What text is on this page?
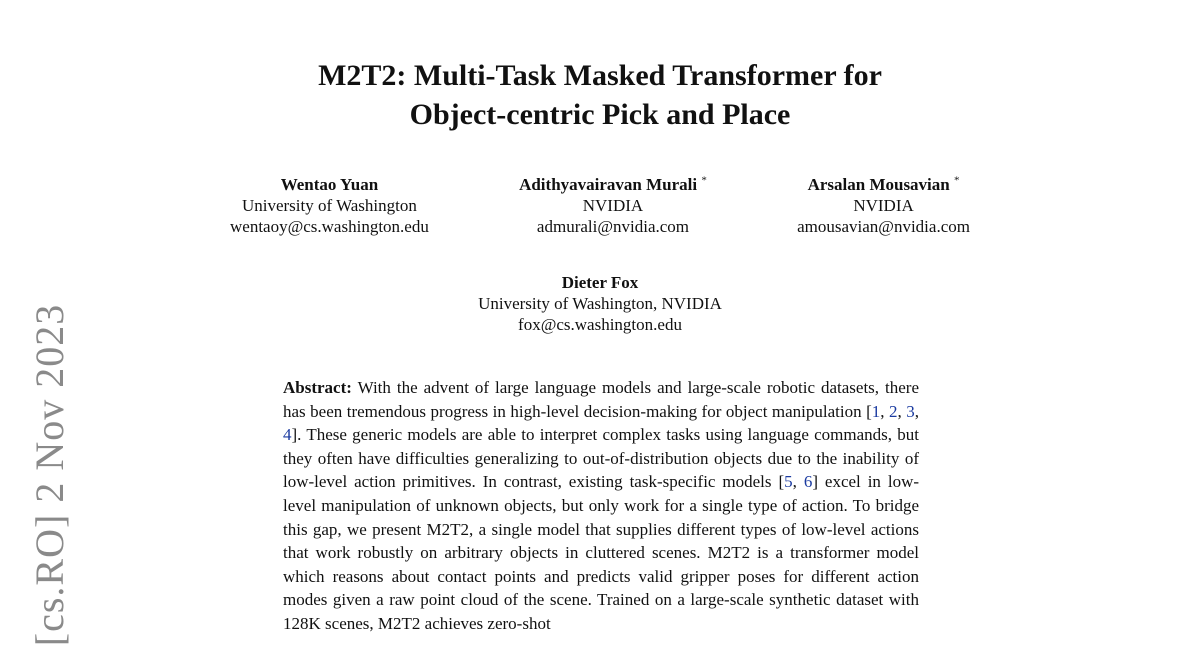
[cs.RO] 2 Nov 2023
M2T2: Multi-Task Masked Transformer for
Object-centric Pick and Place
Wentao Yuan
University of Washington
wentaoy@cs.washington.edu
Adithyavairavan Murali *
NVIDIA
admurali@nvidia.com
Arsalan Mousavian *
NVIDIA
amousavian@nvidia.com
Dieter Fox
University of Washington, NVIDIA
fox@cs.washington.edu

Abstract: With the advent of large language models and large-scale robotic datasets, there has been tremendous progress in high-level decision-making for object manipulation [1, 2, 3, 4]. These generic models are able to interpret complex tasks using language commands, but they often have difficulties generalizing to out-of-distribution objects due to the inability of low-level action primitives. In contrast, existing task-specific models [5, 6] excel in low-level manipulation of unknown objects, but only work for a single type of action. To bridge this gap, we present M2T2, a single model that supplies different types of low-level actions that work robustly on arbitrary objects in cluttered scenes. M2T2 is a transformer model which reasons about contact points and predicts valid gripper poses for different action modes given a raw point cloud of the scene. Trained on a large-scale synthetic dataset with 128K scenes, M2T2 achieves zero-shot
